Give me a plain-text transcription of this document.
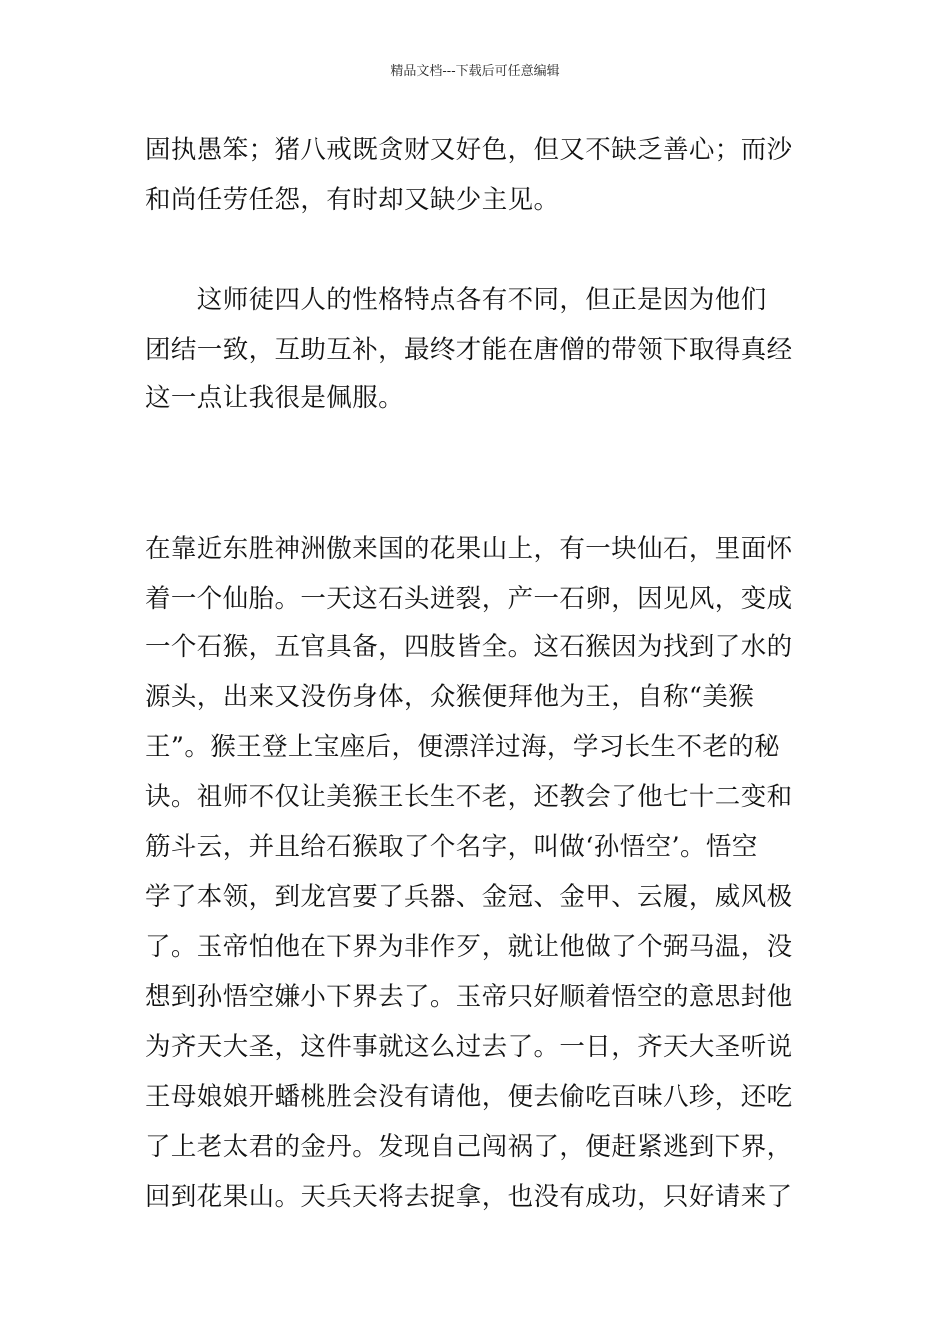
精品文档---下载后可任意编辑
固执愚笨；猪八戒既贪财又好色，但又不缺乏善心；而沙
和尚任劳任怨，有时却又缺少主见。
　　这师徒四人的性格特点各有不同，但正是因为他们
团结一致，互助互补，最终才能在唐僧的带领下取得真经
这一点让我很是佩服。
在靠近东胜神洲傲来国的花果山上，有一块仙石，里面怀
着一个仙胎。一天这石头迸裂，产一石卵，因见风，变成
一个石猴，五官具备，四肢皆全。这石猴因为找到了水的
源头，出来又没伤身体，众猴便拜他为王，自称“美猴
王”。猴王登上宝座后，便漂洋过海，学习长生不老的秘
诀。祖师不仅让美猴王长生不老，还教会了他七十二变和
筋斗云，并且给石猴取了个名字，叫做‘孙悟空’。悟空
学了本领，到龙宫要了兵器、金冠、金甲、云履，威风极
了。玉帝怕他在下界为非作歹，就让他做了个弼马温，没
想到孙悟空嫌小下界去了。玉帝只好顺着悟空的意思封他
为齐天大圣，这件事就这么过去了。一日，齐天大圣听说
王母娘娘开蟠桃胜会没有请他，便去偷吃百味八珍，还吃
了上老太君的金丹。发现自己闯祸了，便赶紧逃到下界，
回到花果山。天兵天将去捉拿，也没有成功，只好请来了
